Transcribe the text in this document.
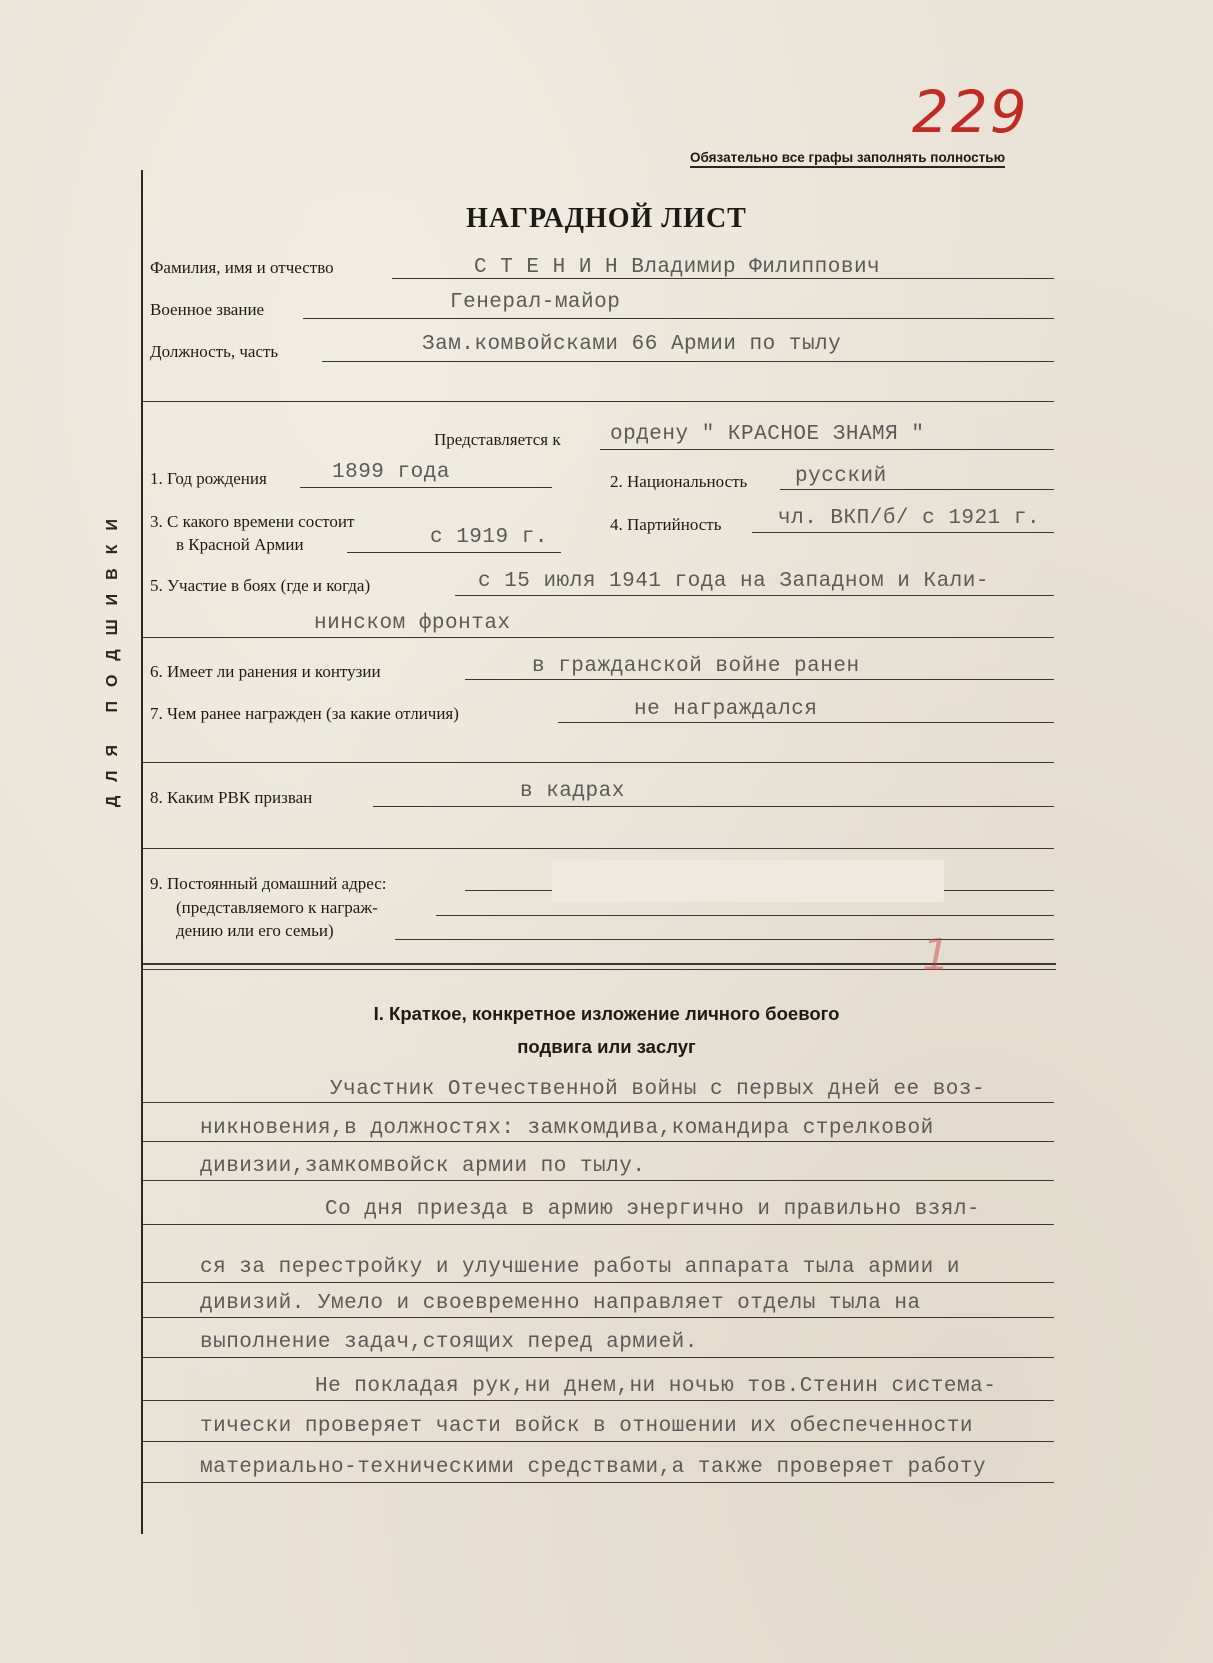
229
Обязательно все графы заполнять полностью
НАГРАДНОЙ ЛИСТ
ДЛЯ ПОДШИВКИ
Фамилия, имя и отчество	С Т Е Н И Н Владимир Филиппович
Военное звание	Генерал-майор
Должность, часть	Зам.комвойсками 66 Армии по тылу
Представляется к ордену " КРАСНОЕ ЗНАМЯ "
1. Год рождения	1899 года	2. Национальность русский
3. С какого времени состоит
в Красной Армии	с 1919 г.
4. Партийность	чл. ВКП/б/ с 1921 г.
5. Участие в боях (где и когда)	с 15 июля 1941 года на Западном и Кали-
нинском фронтах
6. Имеет ли ранения и контузии	в гражданской войне ранен
7. Чем ранее награжден (за какие отличия)	не награждался
8. Каким РВК призван	в кадрах
9. Постоянный домашний адрес:
(представляемого к награж-
дению или его семьи)	1
I. Краткое, конкретное изложение личного боевого
подвига или заслуг
Участник Отечественной войны с первых дней ее воз-
никновения,в должностях: замкомдива,командира стрелковой
дивизии,замкомвойск армии по тылу.
Со дня приезда в армию энергично и правильно взял-
ся за перестройку и улучшение работы аппарата тыла армии и
дивизий. Умело и своевременно направляет отделы тыла на
выполнение задач,стоящих перед армией.
Не покладая рук,ни днем,ни ночью тов.Стенин система-
тически проверяет части войск в отношении их обеспеченности
материально-техническими средствами,а также проверяет работу
